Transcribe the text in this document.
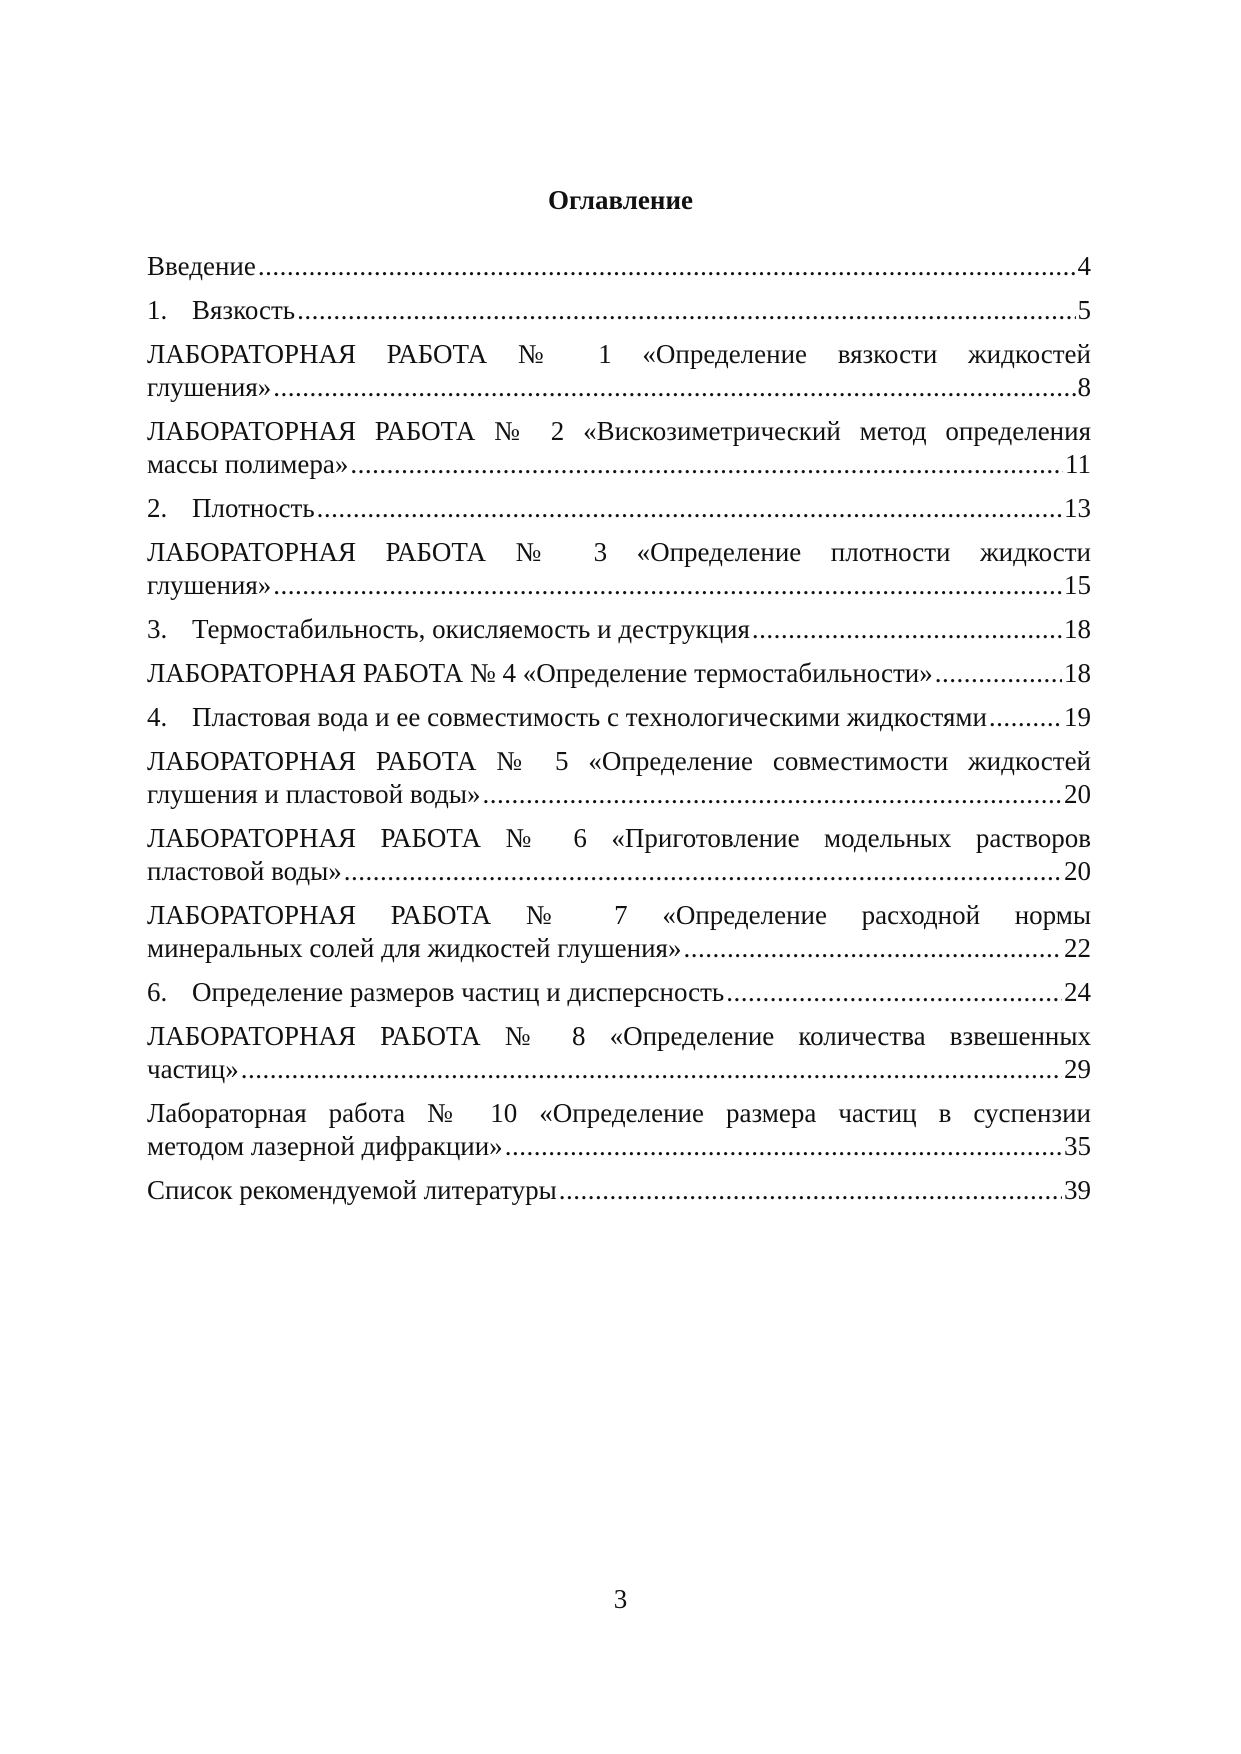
Оглавление
Введение .....	4
1. Вязкость .....	5
ЛАБОРАТОРНАЯ РАБОТА № 1 «Определение вязкости жидкостей
глушения» .....	8
ЛАБОРАТОРНАЯ РАБОТА № 2 «Вискозиметрический метод определения
массы полимера» .....	11
2. Плотность .....	13
ЛАБОРАТОРНАЯ РАБОТА № 3 «Определение плотности жидкости
глушения» .....	15
3. Термостабильность, окисляемость и деструкция .....	18
ЛАБОРАТОРНАЯ РАБОТА № 4 «Определение термостабильности» .....	18
4. Пластовая вода и ее совместимость с технологическими жидкостями .....	19
ЛАБОРАТОРНАЯ РАБОТА № 5 «Определение совместимости жидкостей
глушения и пластовой воды» .....	20
ЛАБОРАТОРНАЯ РАБОТА № 6 «Приготовление модельных растворов
пластовой воды» .....	20
ЛАБОРАТОРНАЯ РАБОТА № 7 «Определение расходной нормы
минеральных солей для жидкостей глушения» .....	22
6. Определение размеров частиц и дисперсность .....	24
ЛАБОРАТОРНАЯ РАБОТА № 8 «Определение количества взвешенных
частиц» .....	29
Лабораторная работа № 10 «Определение размера частиц в суспензии
методом лазерной дифракции» .....	35
Список рекомендуемой литературы .....	39
3
